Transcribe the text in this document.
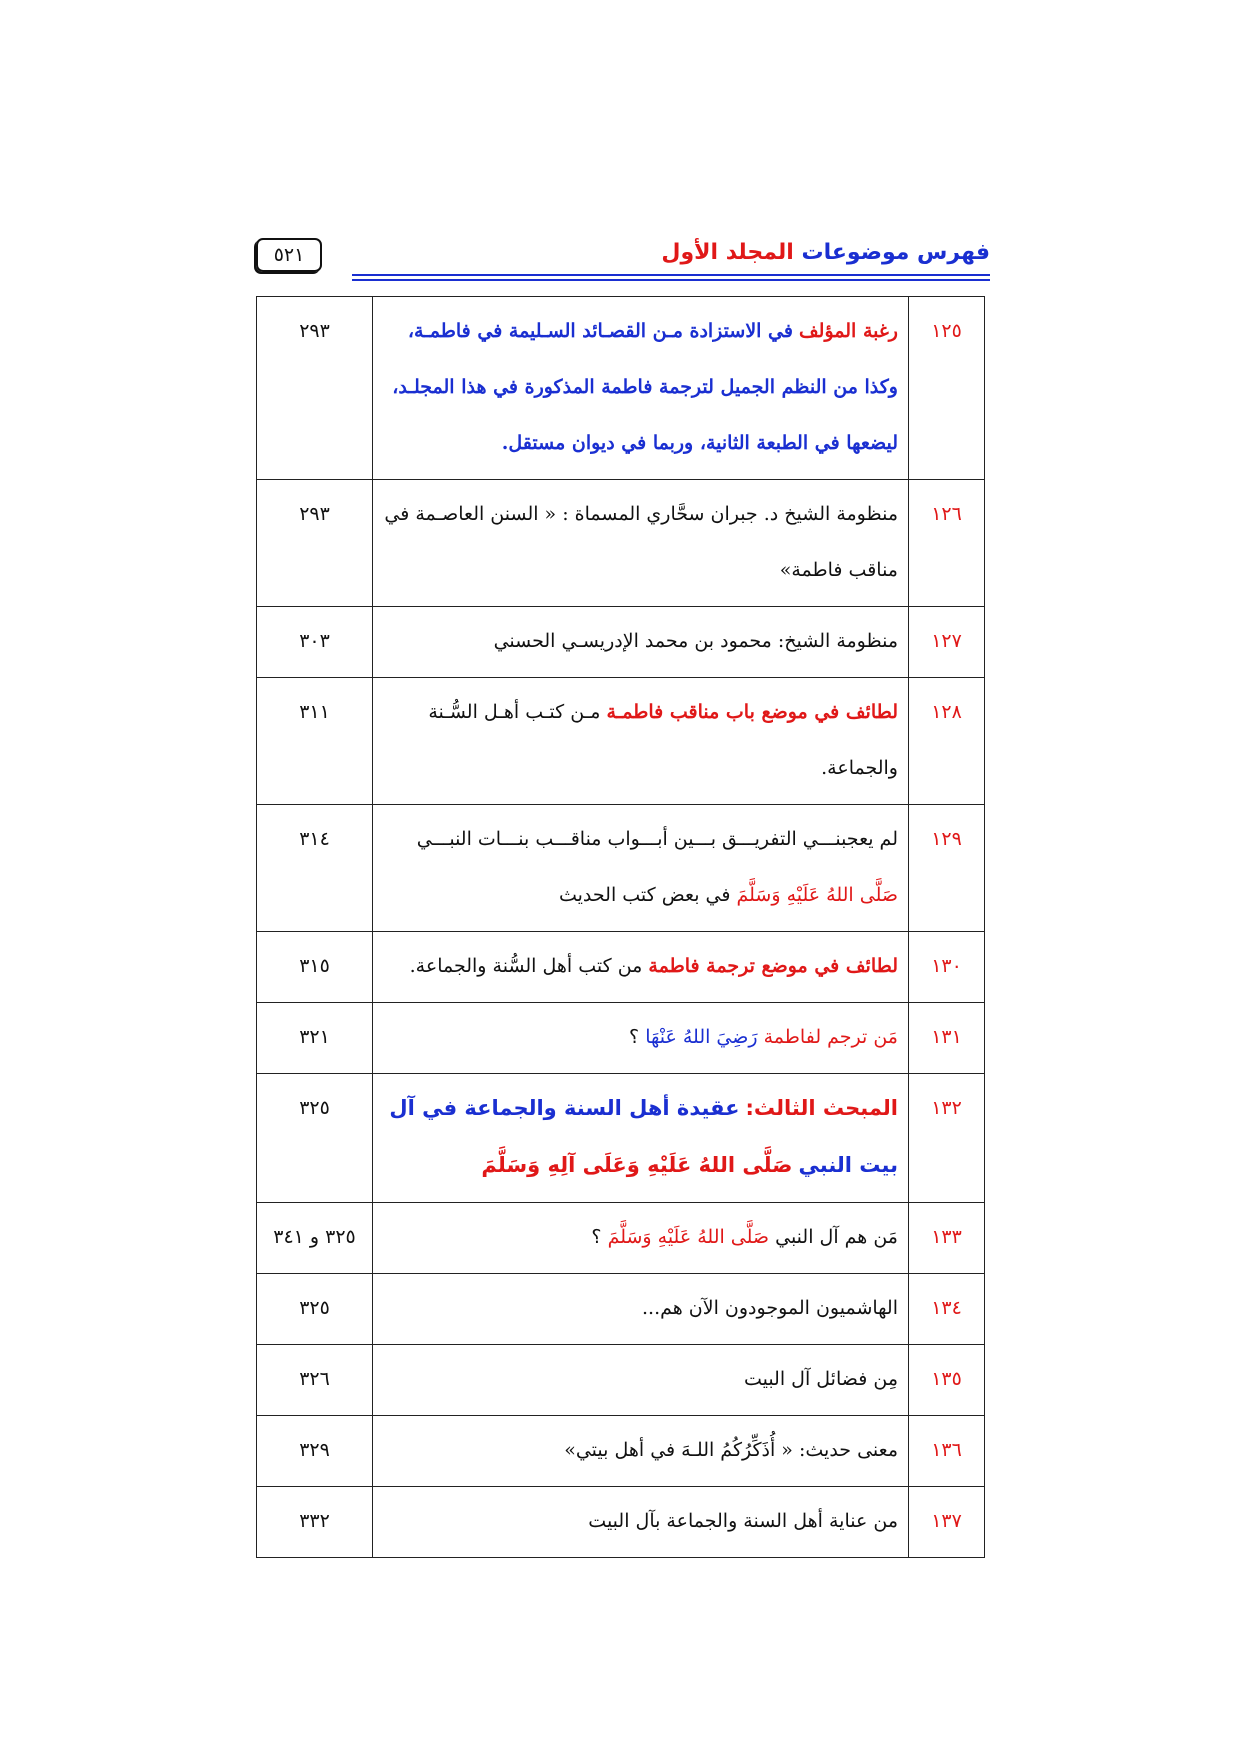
٥٢١	فهرس موضوعات المجلد الأول
١٢٥	رغبة المؤلف في الاستزادة مـن القصـائد السـليمة في فاطمـة، وكذا من النظم الجميل لترجمة فاطمة المذكورة في هذا المجلـد، ليضعها في الطبعة الثانية، وربما في ديوان مستقل.	٢٩٣
١٢٦	منظومة الشيخ د. جبران سحَّاري المسماة : « السنن العاصـمة في مناقب فاطمة»	٢٩٣
١٢٧	منظومة الشيخ: محمود بن محمد الإدريسـي الحسني	٣٠٣
١٢٨	لطائف في موضع باب مناقب فاطمـة مـن كتـب أهـل السُّـنة والجماعة.	٣١١
١٢٩	لم يعجبنـــي التفريـــق بـــين أبـــواب مناقـــب بنـــات النبـــي صَلَّى اللهُ عَلَيْهِ وَسَلَّمَ في بعض كتب الحديث	٣١٤
١٣٠	لطائف في موضع ترجمة فاطمة من كتب أهل السُّنة والجماعة.	٣١٥
١٣١	مَن ترجم لفاطمة رَضِيَ اللهُ عَنْهَا ؟	٣٢١
١٣٢	المبحث الثالث: عقيدة أهل السنة والجماعة في آل بيت النبي صَلَّى اللهُ عَلَيْهِ وَعَلَى آلِهِ وَسَلَّمَ	٣٢٥
١٣٣	مَن هم آل النبي صَلَّى اللهُ عَلَيْهِ وَسَلَّمَ ؟	٣٢٥ و ٣٤١
١٣٤	الهاشميون الموجودون الآن هم...	٣٢٥
١٣٥	مِن فضائل آل البيت	٣٢٦
١٣٦	معنى حديث: « أُذَكِّرُكُمُ اللـهَ في أهل بيتي»	٣٢٩
١٣٧	من عناية أهل السنة والجماعة بآل البيت	٣٣٢
